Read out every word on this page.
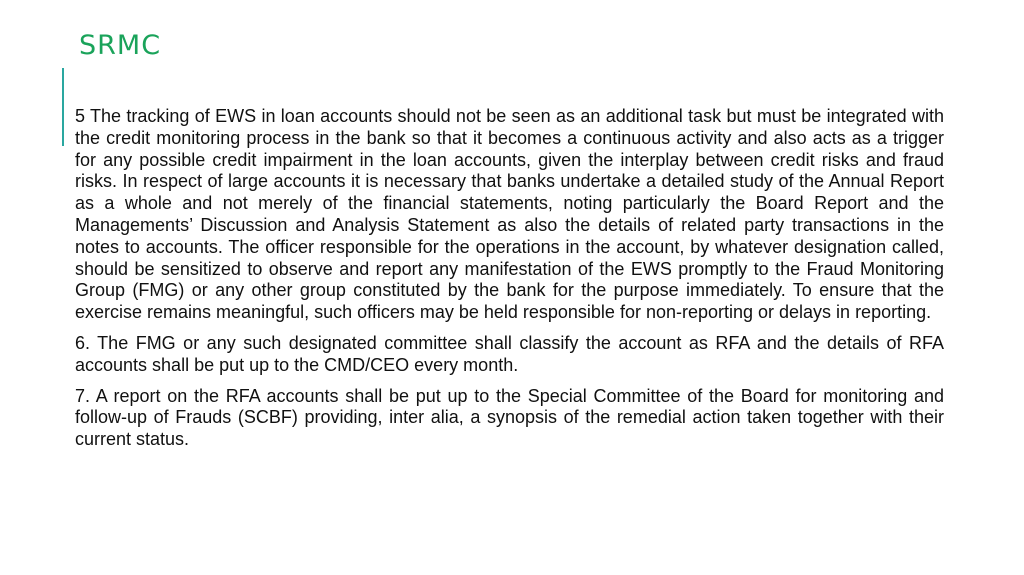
SRMC

5 The tracking of EWS in loan accounts should not be seen as an additional task but must be integrated with the credit monitoring process in the bank so that it becomes a continuous activity and also acts as a trigger for any possible credit impairment in the loan accounts, given the interplay between credit risks and fraud risks. In respect of large accounts it is necessary that banks undertake a detailed study of the Annual Report as a whole and not merely of the financial statements, noting particularly the Board Report and the Managements’ Discussion and Analysis Statement as also the details of related party transactions in the notes to accounts. The officer responsible for the operations in the account, by whatever designation called, should be sensitized to observe and report any manifestation of the EWS promptly to the Fraud Monitoring Group (FMG) or any other group constituted by the bank for the purpose immediately. To ensure that the exercise remains meaningful, such officers may be held responsible for non-reporting or delays in reporting.

6. The FMG or any such designated committee shall classify the account as RFA and the details of RFA accounts shall be put up to the CMD/CEO every month.

7. A report on the RFA accounts shall be put up to the Special Committee of the Board for monitoring and follow-up of Frauds (SCBF) providing, inter alia, a synopsis of the remedial action taken together with their current status.
